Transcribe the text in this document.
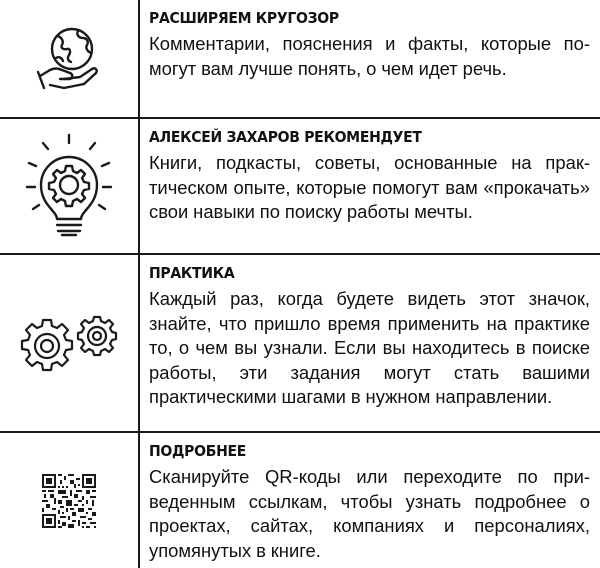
РАСШИРЯЕМ КРУГОЗОР
Комментарии, пояснения и факты, которые помогут вам лучше понять, о чем идет речь.
АЛЕКСЕЙ ЗАХАРОВ РЕКОМЕНДУЕТ
Книги, подкасты, советы, основанные на практическом опыте, которые помогут вам «прокачать» свои навыки по поиску работы мечты.
ПРАКТИКА
Каждый раз, когда будете видеть этот значок, знайте, что пришло время применить на практике то, о чем вы узнали. Если вы находитесь в поиске работы, эти задания могут стать вашими практическими шагами в нужном направлении.
ПОДРОБНЕЕ
Сканируйте QR-коды или переходите по приведенным ссылкам, чтобы узнать подробнее о проектах, сайтах, компаниях и персоналиях, упомянутых в книге.
